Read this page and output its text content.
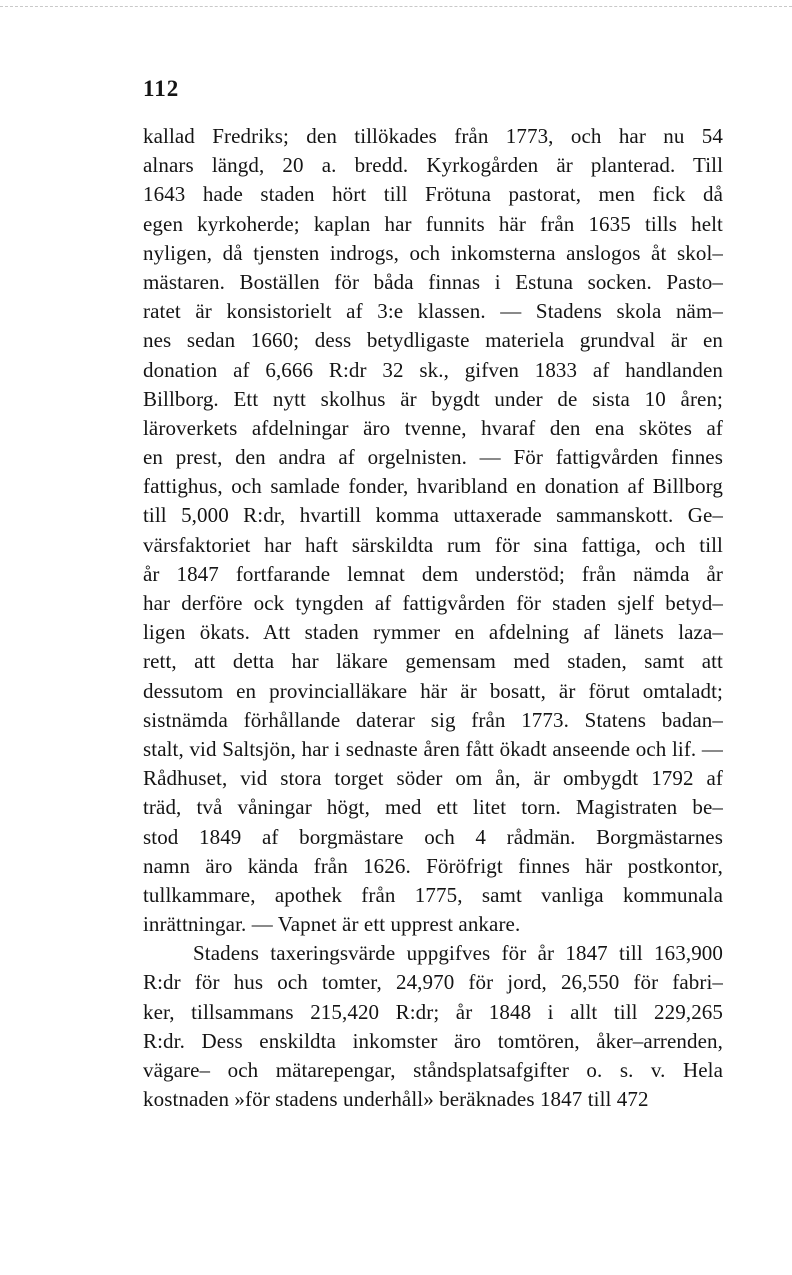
112

kallad Fredriks; den tillökades från 1773, och har nu 54
alnars längd, 20 a. bredd. Kyrkogården är planterad. Till
1643 hade staden hört till Frötuna pastorat, men fick då
egen kyrkoherde; kaplan har funnits här från 1635 tills helt
nyligen, då tjensten indrogs, och inkomsterna anslogos åt skol–
mästaren. Boställen för båda finnas i Estuna socken. Pasto–
ratet är konsistorielt af 3:e klassen. — Stadens skola näm–
nes sedan 1660; dess betydligaste materiela grundval är en
donation af 6,666 R:dr 32 sk., gifven 1833 af handlanden
Billborg. Ett nytt skolhus är bygdt under de sista 10 åren;
läroverkets afdelningar äro tvenne, hvaraf den ena skötes af
en prest, den andra af orgelnisten. — För fattigvården finnes
fattighus, och samlade fonder, hvaribland en donation af Billborg
till 5,000 R:dr, hvartill komma uttaxerade sammanskott. Ge–
värsfaktoriet har haft särskildta rum för sina fattiga, och till
år 1847 fortfarande lemnat dem understöd; från nämda år
har derföre ock tyngden af fattigvården för staden sjelf betyd–
ligen ökats. Att staden rymmer en afdelning af länets laza–
rett, att detta har läkare gemensam med staden, samt att
dessutom en provincialläkare här är bosatt, är förut omtaladt;
sistnämda förhållande daterar sig från 1773. Statens badan–
stalt, vid Saltsjön, har i sednaste åren fått ökadt anseende och lif. —
Rådhuset, vid stora torget söder om ån, är ombygdt 1792 af
träd, två våningar högt, med ett litet torn. Magistraten be–
stod 1849 af borgmästare och 4 rådmän. Borgmästarnes
namn äro kända från 1626. Föröfrigt finnes här postkontor,
tullkammare, apothek från 1775, samt vanliga kommunala
inrättningar. — Vapnet är ett upprest ankare.
Stadens taxeringsvärde uppgifves för år 1847 till 163,900
R:dr för hus och tomter, 24,970 för jord, 26,550 för fabri–
ker, tillsammans 215,420 R:dr; år 1848 i allt till 229,265
R:dr. Dess enskildta inkomster äro tomtören, åker–arrenden,
vägare– och mätarepengar, ståndsplatsafgifter o. s. v. Hela
kostnaden »för stadens underhåll» beräknades 1847 till 472
